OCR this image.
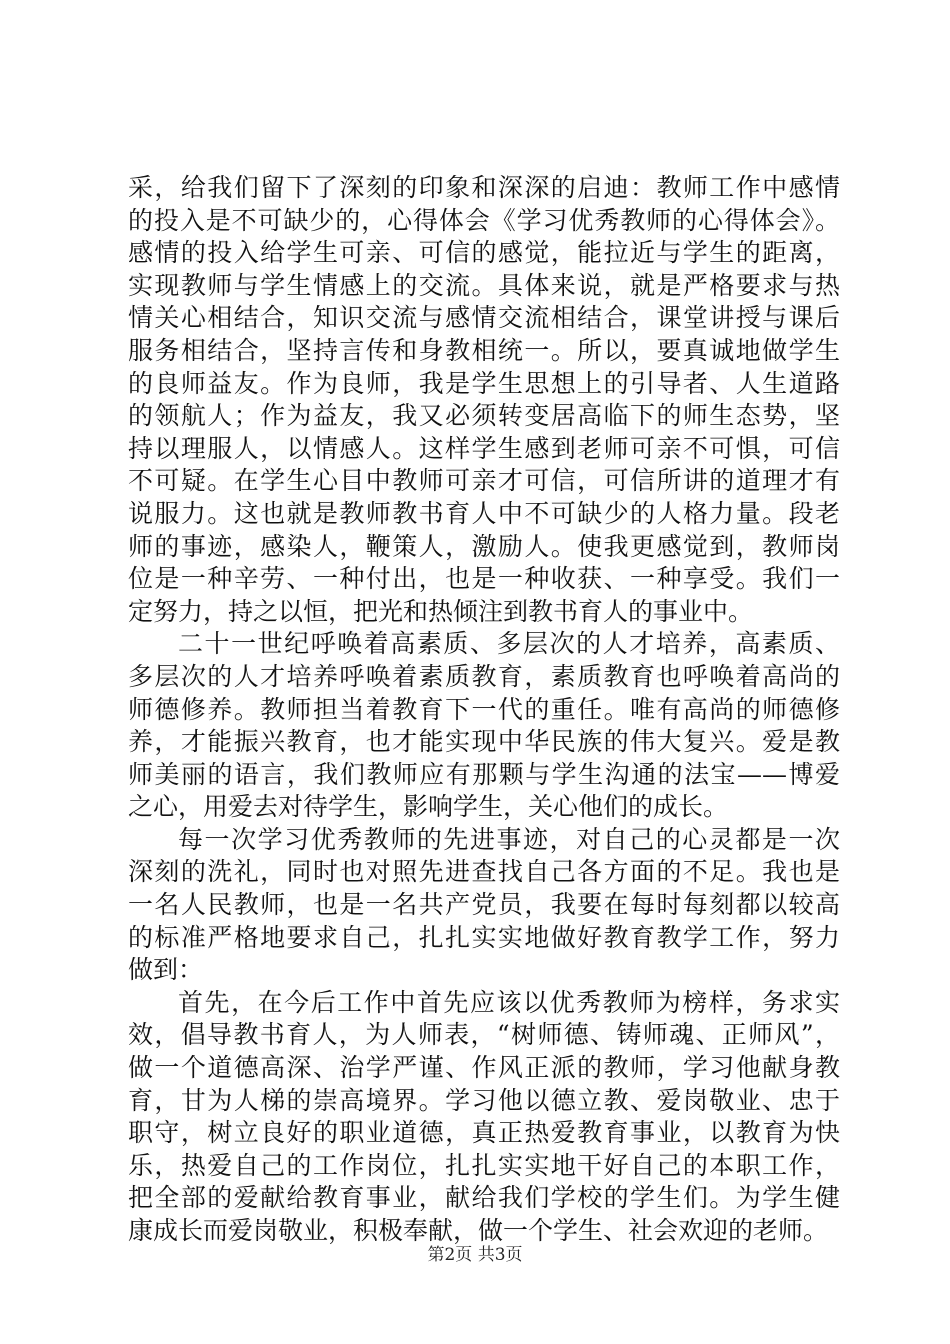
采，给我们留下了深刻的印象和深深的启迪：教师工作中感情
的投入是不可缺少的，心得体会《学习优秀教师的心得体会》。
感情的投入给学生可亲、可信的感觉，能拉近与学生的距离，
实现教师与学生情感上的交流。具体来说，就是严格要求与热
情关心相结合，知识交流与感情交流相结合，课堂讲授与课后
服务相结合，坚持言传和身教相统一。所以，要真诚地做学生
的良师益友。作为良师，我是学生思想上的引导者、人生道路
的领航人；作为益友，我又必须转变居高临下的师生态势，坚
持以理服人，以情感人。这样学生感到老师可亲不可惧，可信
不可疑。在学生心目中教师可亲才可信，可信所讲的道理才有
说服力。这也就是教师教书育人中不可缺少的人格力量。段老
师的事迹，感染人，鞭策人，激励人。使我更感觉到，教师岗
位是一种辛劳、一种付出，也是一种收获、一种享受。我们一
定努力，持之以恒，把光和热倾注到教书育人的事业中。
二十一世纪呼唤着高素质、多层次的人才培养，高素质、
多层次的人才培养呼唤着素质教育，素质教育也呼唤着高尚的
师德修养。教师担当着教育下一代的重任。唯有高尚的师德修
养，才能振兴教育，也才能实现中华民族的伟大复兴。爱是教
师美丽的语言，我们教师应有那颗与学生沟通的法宝——博爱
之心，用爱去对待学生，影响学生，关心他们的成长。
每一次学习优秀教师的先进事迹，对自己的心灵都是一次
深刻的洗礼，同时也对照先进查找自己各方面的不足。我也是
一名人民教师，也是一名共产党员，我要在每时每刻都以较高
的标准严格地要求自己，扎扎实实地做好教育教学工作，努力
做到：
首先，在今后工作中首先应该以优秀教师为榜样，务求实
效，倡导教书育人，为人师表，“树师德、铸师魂、正师风”，
做一个道德高深、治学严谨、作风正派的教师，学习他献身教
育，甘为人梯的崇高境界。学习他以德立教、爱岗敬业、忠于
职守，树立良好的职业道德，真正热爱教育事业，以教育为快
乐，热爱自己的工作岗位，扎扎实实地干好自己的本职工作，
把全部的爱献给教育事业，献给我们学校的学生们。为学生健
康成长而爱岗敬业，积极奉献，做一个学生、社会欢迎的老师。
第2页 共3页
